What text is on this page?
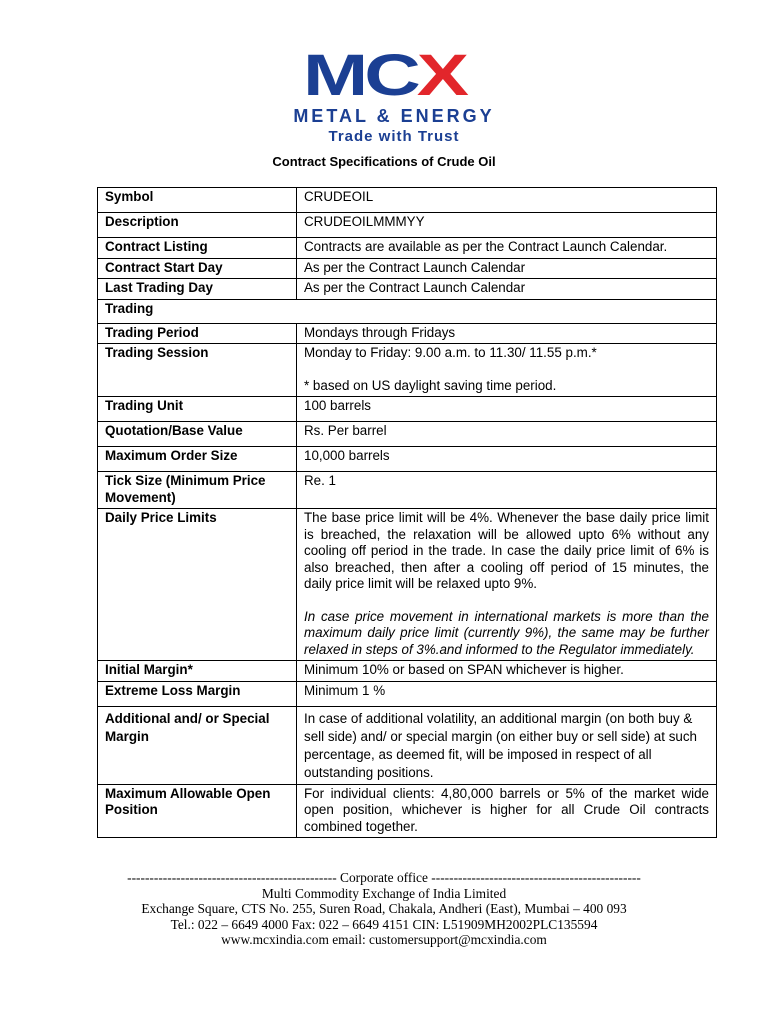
MCX
METAL & ENERGY
Trade with Trust
Contract Specifications of Crude Oil
Symbol	CRUDEOIL
Description	CRUDEOILMMMYY
Contract Listing	Contracts are available as per the Contract Launch Calendar.
Contract Start Day	As per the Contract Launch Calendar
Last Trading Day	As per the Contract Launch Calendar
Trading	
Trading Period	Mondays through Fridays
Trading Session	Monday to Friday: 9.00 a.m. to 11.30/ 11.55 p.m.*
* based on US daylight saving time period.

Trading Unit	100 barrels
Quotation/Base Value	Rs. Per barrel
Maximum Order Size	10,000 barrels
Tick Size (Minimum Price Movement)	Re. 1
Daily Price Limits	The base price limit will be 4%. Whenever the base daily price limit is breached, the relaxation will be allowed upto 6% without any cooling off period in the trade. In case the daily price limit of 6% is also breached, then after a cooling off period of 15 minutes, the daily price limit will be relaxed upto 9%.
In case price movement in international markets is more than the maximum daily price limit (currently 9%), the same may be further relaxed in steps of 3%.and informed to the Regulator immediately.

Initial Margin*	Minimum 10% or based on SPAN whichever is higher.
Extreme Loss Margin	Minimum 1 %
Additional and/ or Special Margin	In case of additional volatility, an additional margin (on both buy & sell side) and/ or special margin (on either buy or sell side) at such percentage, as deemed fit, will be imposed in respect of all outstanding positions.
Maximum Allowable Open Position	For individual clients: 4,80,000 barrels or 5% of the market wide open position, whichever is higher for all Crude Oil contracts combined together.
----------------------------------------------- Corporate office -----------------------------------------------
Multi Commodity Exchange of India Limited
Exchange Square, CTS No. 255, Suren Road, Chakala, Andheri (East), Mumbai – 400 093
Tel.: 022 – 6649 4000 Fax: 022 – 6649 4151 CIN: L51909MH2002PLC135594
www.mcxindia.com email: customersupport@mcxindia.com
